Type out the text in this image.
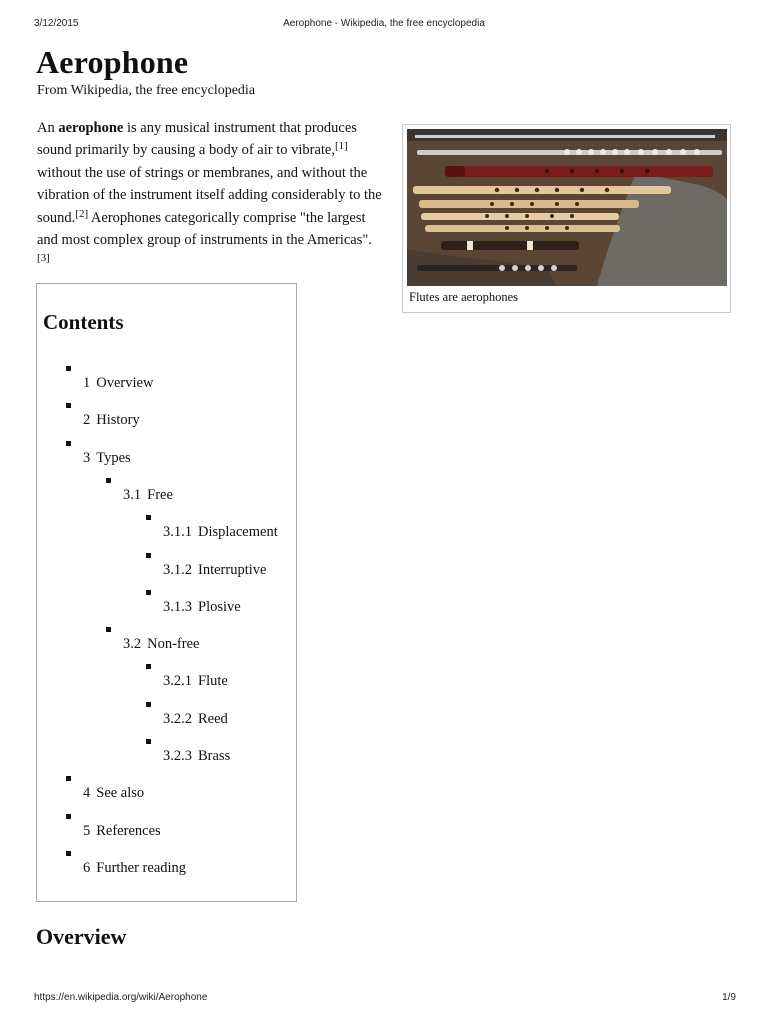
3/12/2015	Aerophone - Wikipedia, the free encyclopedia
Aerophone
From Wikipedia, the free encyclopedia

An aerophone is any musical instrument that produces sound primarily by causing a body of air to vibrate,[1] without the use of strings or membranes, and without the vibration of the instrument itself adding considerably to the sound.[2] Aerophones categorically comprise "the largest and most complex group of instruments in the Americas".[3]

Flutes are aerophones
Contents
1 Overview
2 History
3 Types
3.1 Free
3.1.1 Displacement
3.1.2 Interruptive
3.1.3 Plosive
3.2 Non-free
3.2.1 Flute
3.2.2 Reed
3.2.3 Brass
4 See also
5 References
6 Further reading
Overview
https://en.wikipedia.org/wiki/Aerophone	1/9
